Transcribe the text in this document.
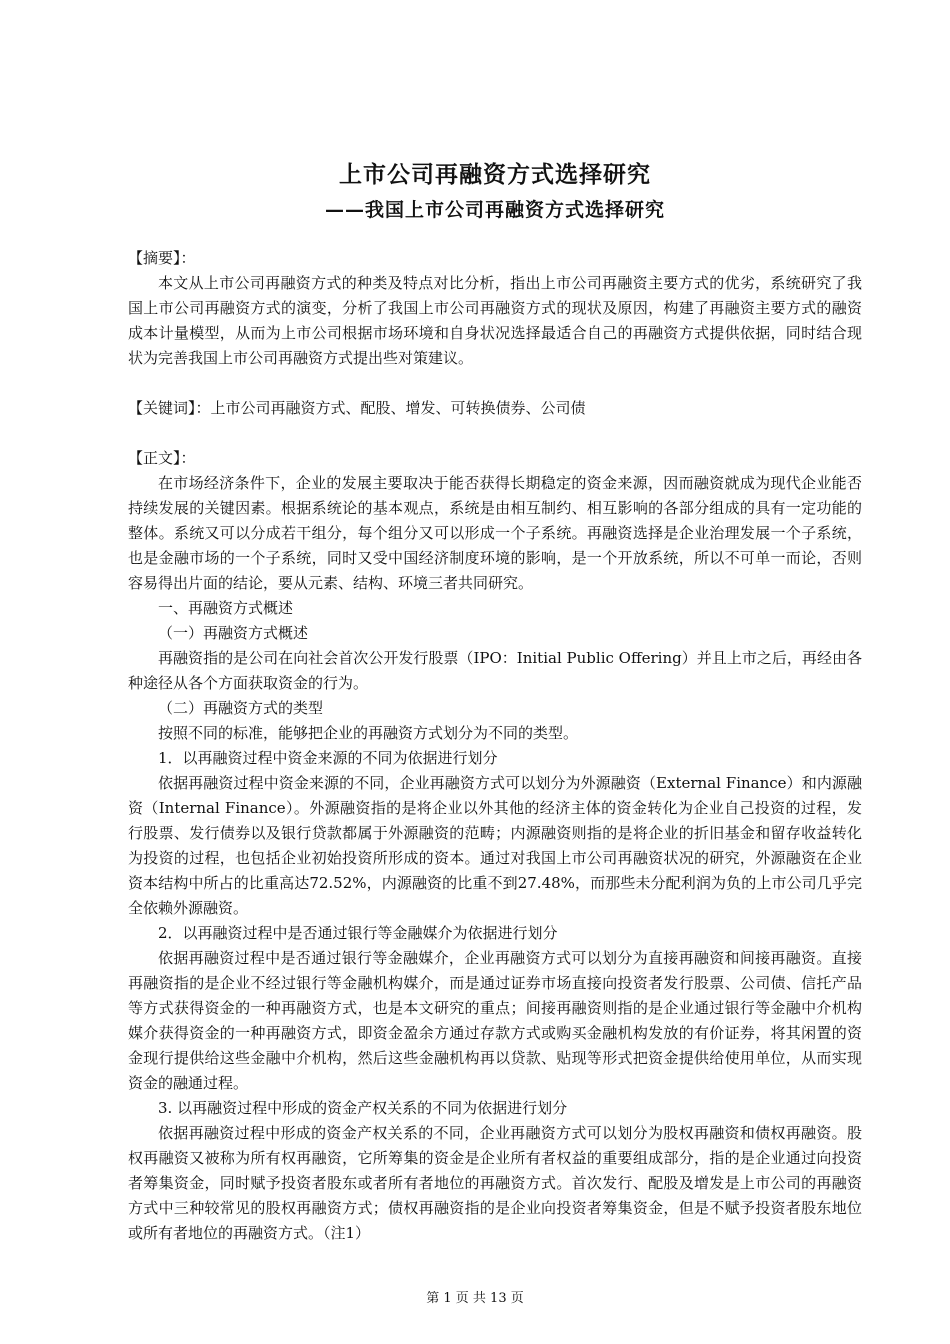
上市公司再融资方式选择研究
——我国上市公司再融资方式选择研究
【摘要】：

本文从上市公司再融资方式的种类及特点对比分析，指出上市公司再融资主要方式的优劣，系统研究了我国上市公司再融资方式的演变，分析了我国上市公司再融资方式的现状及原因，构建了再融资主要方式的融资成本计量模型，从而为上市公司根据市场环境和自身状况选择最适合自己的再融资方式提供依据，同时结合现状为完善我国上市公司再融资方式提出些对策建议。

【关键词】：上市公司再融资方式、配股、增发、可转换债券、公司债
【正文】：

在市场经济条件下，企业的发展主要取决于能否获得长期稳定的资金来源，因而融资就成为现代企业能否持续发展的关键因素。根据系统论的基本观点，系统是由相互制约、相互影响的各部分组成的具有一定功能的整体。系统又可以分成若干组分，每个组分又可以形成一个子系统。再融资选择是企业治理发展一个子系统，也是金融市场的一个子系统，同时又受中国经济制度环境的影响，是一个开放系统，所以不可单一而论，否则容易得出片面的结论，要从元素、结构、环境三者共同研究。

一、再融资方式概述

（一）再融资方式概述

再融资指的是公司在向社会首次公开发行股票（IPO：Initial Public Offering）并且上市之后，再经由各种途径从各个方面获取资金的行为。

（二）再融资方式的类型

按照不同的标准，能够把企业的再融资方式划分为不同的类型。

1．以再融资过程中资金来源的不同为依据进行划分

依据再融资过程中资金来源的不同，企业再融资方式可以划分为外源融资（External Finance）和内源融资（Internal Finance）。外源融资指的是将企业以外其他的经济主体的资金转化为企业自己投资的过程，发行股票、发行债券以及银行贷款都属于外源融资的范畴；内源融资则指的是将企业的折旧基金和留存收益转化为投资的过程，也包括企业初始投资所形成的资本。通过对我国上市公司再融资状况的研究，外源融资在企业资本结构中所占的比重高达72.52%，内源融资的比重不到27.48%，而那些未分配利润为负的上市公司几乎完全依赖外源融资。

2．以再融资过程中是否通过银行等金融媒介为依据进行划分

依据再融资过程中是否通过银行等金融媒介，企业再融资方式可以划分为直接再融资和间接再融资。直接再融资指的是企业不经过银行等金融机构媒介，而是通过证券市场直接向投资者发行股票、公司债、信托产品等方式获得资金的一种再融资方式，也是本文研究的重点；间接再融资则指的是企业通过银行等金融中介机构媒介获得资金的一种再融资方式，即资金盈余方通过存款方式或购买金融机构发放的有价证券，将其闲置的资金现行提供给这些金融中介机构，然后这些金融机构再以贷款、贴现等形式把资金提供给使用单位，从而实现资金的融通过程。

3. 以再融资过程中形成的资金产权关系的不同为依据进行划分

依据再融资过程中形成的资金产权关系的不同，企业再融资方式可以划分为股权再融资和债权再融资。股权再融资又被称为所有权再融资，它所筹集的资金是企业所有者权益的重要组成部分，指的是企业通过向投资者筹集资金，同时赋予投资者股东或者所有者地位的再融资方式。首次发行、配股及增发是上市公司的再融资方式中三种较常见的股权再融资方式；债权再融资指的是企业向投资者筹集资金，但是不赋予投资者股东地位或所有者地位的再融资方式。（注1）

第 1 页 共 13 页
